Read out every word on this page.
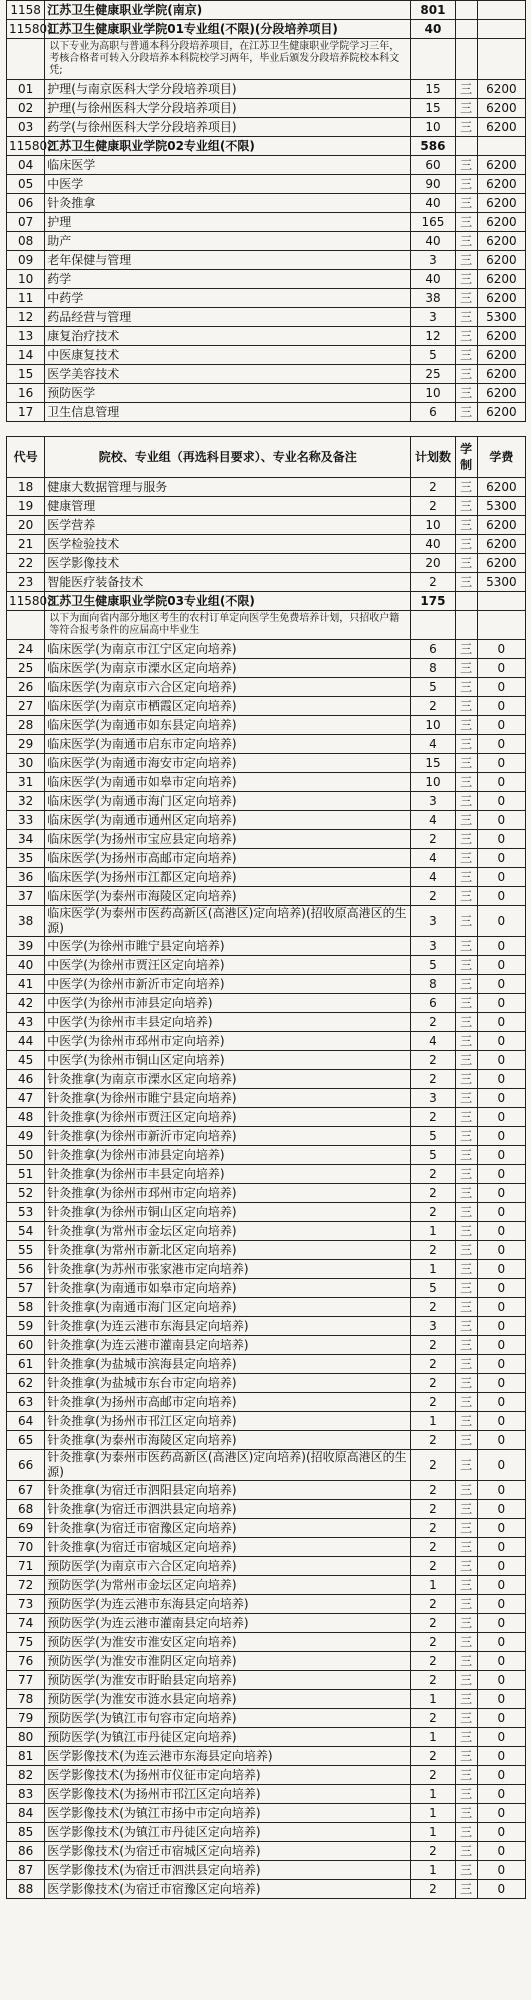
1158	江苏卫生健康职业学院(南京)	801		
115801	江苏卫生健康职业学院01专业组(不限)(分段培养项目)	40		
	以下专业为高职与普通本科分段培养项目，在江苏卫生健康职业学院学习三年，考核合格者可转入分段培养本科院校学习两年，毕业后颁发分段培养院校本科文凭;			
01	护理(与南京医科大学分段培养项目)	15	三	6200
02	护理(与徐州医科大学分段培养项目)	15	三	6200
03	药学(与徐州医科大学分段培养项目)	10	三	6200
115802	江苏卫生健康职业学院02专业组(不限)	586		
04	临床医学	60	三	6200
05	中医学	90	三	6200
06	针灸推拿	40	三	6200
07	护理	165	三	6200
08	助产	40	三	6200
09	老年保健与管理	3	三	6200
10	药学	40	三	6200
11	中药学	38	三	6200
12	药品经营与管理	3	三	5300
13	康复治疗技术	12	三	6200
14	中医康复技术	5	三	6200
15	医学美容技术	25	三	6200
16	预防医学	10	三	6200
17	卫生信息管理	6	三	6200
代号	院校、专业组（再选科目要求）、专业名称及备注	计划数	学制	学费
18	健康大数据管理与服务	2	三	6200
19	健康管理	2	三	5300
20	医学营养	10	三	6200
21	医学检验技术	40	三	6200
22	医学影像技术	20	三	6200
23	智能医疗装备技术	2	三	5300
115803	江苏卫生健康职业学院03专业组(不限)	175		
	以下为面向省内部分地区考生的农村订单定向医学生免费培养计划，只招收户籍等符合报考条件的应届高中毕业生			
24	临床医学(为南京市江宁区定向培养)	6	三	0
25	临床医学(为南京市溧水区定向培养)	8	三	0
26	临床医学(为南京市六合区定向培养)	5	三	0
27	临床医学(为南京市栖霞区定向培养)	2	三	0
28	临床医学(为南通市如东县定向培养)	10	三	0
29	临床医学(为南通市启东市定向培养)	4	三	0
30	临床医学(为南通市海安市定向培养)	15	三	0
31	临床医学(为南通市如皋市定向培养)	10	三	0
32	临床医学(为南通市海门区定向培养)	3	三	0
33	临床医学(为南通市通州区定向培养)	4	三	0
34	临床医学(为扬州市宝应县定向培养)	2	三	0
35	临床医学(为扬州市高邮市定向培养)	4	三	0
36	临床医学(为扬州市江都区定向培养)	4	三	0
37	临床医学(为泰州市海陵区定向培养)	2	三	0
38	临床医学(为泰州市医药高新区(高港区)定向培养)(招收原高港区的生源)	3	三	0
39	中医学(为徐州市睢宁县定向培养)	3	三	0
40	中医学(为徐州市贾汪区定向培养)	5	三	0
41	中医学(为徐州市新沂市定向培养)	8	三	0
42	中医学(为徐州市沛县定向培养)	6	三	0
43	中医学(为徐州市丰县定向培养)	2	三	0
44	中医学(为徐州市邳州市定向培养)	4	三	0
45	中医学(为徐州市铜山区定向培养)	2	三	0
46	针灸推拿(为南京市溧水区定向培养)	2	三	0
47	针灸推拿(为徐州市睢宁县定向培养)	3	三	0
48	针灸推拿(为徐州市贾汪区定向培养)	2	三	0
49	针灸推拿(为徐州市新沂市定向培养)	5	三	0
50	针灸推拿(为徐州市沛县定向培养)	5	三	0
51	针灸推拿(为徐州市丰县定向培养)	2	三	0
52	针灸推拿(为徐州市邳州市定向培养)	2	三	0
53	针灸推拿(为徐州市铜山区定向培养)	2	三	0
54	针灸推拿(为常州市金坛区定向培养)	1	三	0
55	针灸推拿(为常州市新北区定向培养)	2	三	0
56	针灸推拿(为苏州市张家港市定向培养)	1	三	0
57	针灸推拿(为南通市如皋市定向培养)	5	三	0
58	针灸推拿(为南通市海门区定向培养)	2	三	0
59	针灸推拿(为连云港市东海县定向培养)	3	三	0
60	针灸推拿(为连云港市灌南县定向培养)	2	三	0
61	针灸推拿(为盐城市滨海县定向培养)	2	三	0
62	针灸推拿(为盐城市东台市定向培养)	2	三	0
63	针灸推拿(为扬州市高邮市定向培养)	2	三	0
64	针灸推拿(为扬州市邗江区定向培养)	1	三	0
65	针灸推拿(为泰州市海陵区定向培养)	2	三	0
66	针灸推拿(为泰州市医药高新区(高港区)定向培养)(招收原高港区的生源)	2	三	0
67	针灸推拿(为宿迁市泗阳县定向培养)	2	三	0
68	针灸推拿(为宿迁市泗洪县定向培养)	2	三	0
69	针灸推拿(为宿迁市宿豫区定向培养)	2	三	0
70	针灸推拿(为宿迁市宿城区定向培养)	2	三	0
71	预防医学(为南京市六合区定向培养)	2	三	0
72	预防医学(为常州市金坛区定向培养)	1	三	0
73	预防医学(为连云港市东海县定向培养)	2	三	0
74	预防医学(为连云港市灌南县定向培养)	2	三	0
75	预防医学(为淮安市淮安区定向培养)	2	三	0
76	预防医学(为淮安市淮阴区定向培养)	2	三	0
77	预防医学(为淮安市盱眙县定向培养)	2	三	0
78	预防医学(为淮安市涟水县定向培养)	1	三	0
79	预防医学(为镇江市句容市定向培养)	2	三	0
80	预防医学(为镇江市丹徒区定向培养)	1	三	0
81	医学影像技术(为连云港市东海县定向培养)	2	三	0
82	医学影像技术(为扬州市仪征市定向培养)	2	三	0
83	医学影像技术(为扬州市邗江区定向培养)	1	三	0
84	医学影像技术(为镇江市扬中市定向培养)	1	三	0
85	医学影像技术(为镇江市丹徒区定向培养)	1	三	0
86	医学影像技术(为宿迁市宿城区定向培养)	2	三	0
87	医学影像技术(为宿迁市泗洪县定向培养)	1	三	0
88	医学影像技术(为宿迁市宿豫区定向培养)	2	三	0
